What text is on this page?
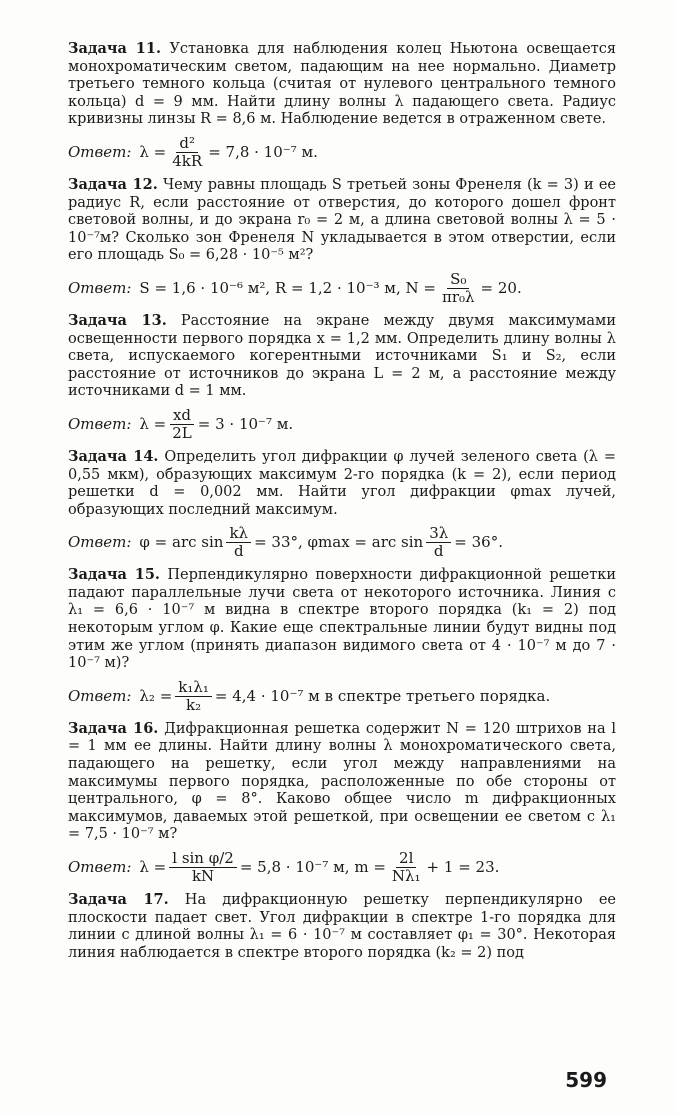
Задача 11. Установка для наблюдения колец Ньютона освещается монохроматическим светом, падающим на нее нормально. Диаметр третьего темного кольца (считая от нулевого центрального темного кольца) d = 9 мм. Найти длину волны λ падающего света. Радиус кривизны линзы R = 8,6 м. Наблюдение ведется в отраженном свете.

Ответ: $\lambda = \frac{\text{d²}}{4kR} = 7,8 \cdot 10^{-7}$ м.

Задача 12. Чему равны площадь S третьей зоны Френеля (k = 3) и ее радиус R, если расстояние от отверстия, до которого дошел фронт световой волны, и до экрана r₀ = 2 м, а длина световой волны λ = 5 · 10⁻⁷м? Сколько зон Френеля N укладывается в этом отверстии, если его площадь S₀ = 6,28 · 10⁻⁵ м²?

Ответ: S = 1,6 · 10⁻⁶ м², R = 1,2 · 10⁻³ м, $N = \frac{\text{S₀}}{\text{πr₀λ}} = 20$.

Задача 13. Расстояние на экране между двумя максимумами освещенности первого порядка x = 1,2 мм. Определить длину волны λ света, испускаемого когерентными источниками S₁ и S₂, если расстояние от источников до экрана L = 2 м, а расстояние между источниками d = 1 мм.

Ответ: $\lambda = \frac{xd}{2L} = 3 \cdot 10^{-7}$ м.

Задача 14. Определить угол дифракции φ лучей зеленого света (λ = 0,55 мкм), образующих максимум 2-го порядка (k = 2), если период решетки d = 0,002 мм. Найти угол дифракции φmax лучей, образующих последний максимум.

Ответ: φ = arc $\sin \frac{k\lambda}{d} = 33^\circ$, φmax = arc $\sin \frac{3\lambda}{d} = 36^\circ$.

Задача 15. Перпендикулярно поверхности дифракционной решетки падают параллельные лучи света от некоторого источника. Линия с λ₁ = 6,6 · 10⁻⁷ м видна в спектре второго порядка (k₁ = 2) под некоторым углом φ. Какие еще спектральные линии будут видны под этим же углом (принять диапазон видимого света от 4 · 10⁻⁷ м до 7 · 10⁻⁷ м)?

Ответ: $\lambda_2 = \frac{\text{k₁λ₁}}{\text{k₂}} = 4,4 \cdot 10^{-7}$ м в спектре третьего порядка.

Задача 16. Дифракционная решетка содержит N = 120 штрихов на l = 1 мм ее длины. Найти длину волны λ монохроматического света, падающего на решетку, если угол между направлениями на максимумы первого порядка, расположенные по обе стороны от центрального, φ = 8°. Каково общее число m дифракционных максимумов, даваемых этой решеткой, при освещении ее светом с λ₁ = 7,5 · 10⁻⁷ м?

Ответ: $\lambda = \frac{\text{l sin φ/2}}{kN} = 5,8 \cdot 10^{-7}$ м, $m = \frac{2l}{\text{Nλ₁}} + 1 = 23$.

Задача 17. На дифракционную решетку перпендикулярно ее плоскости падает свет. Угол дифракции в спектре 1-го порядка для линии с длиной волны λ₁ = 6 · 10⁻⁷ м составляет φ₁ = 30°. Некоторая линия наблюдается в спектре второго порядка (k₂ = 2) под

599
